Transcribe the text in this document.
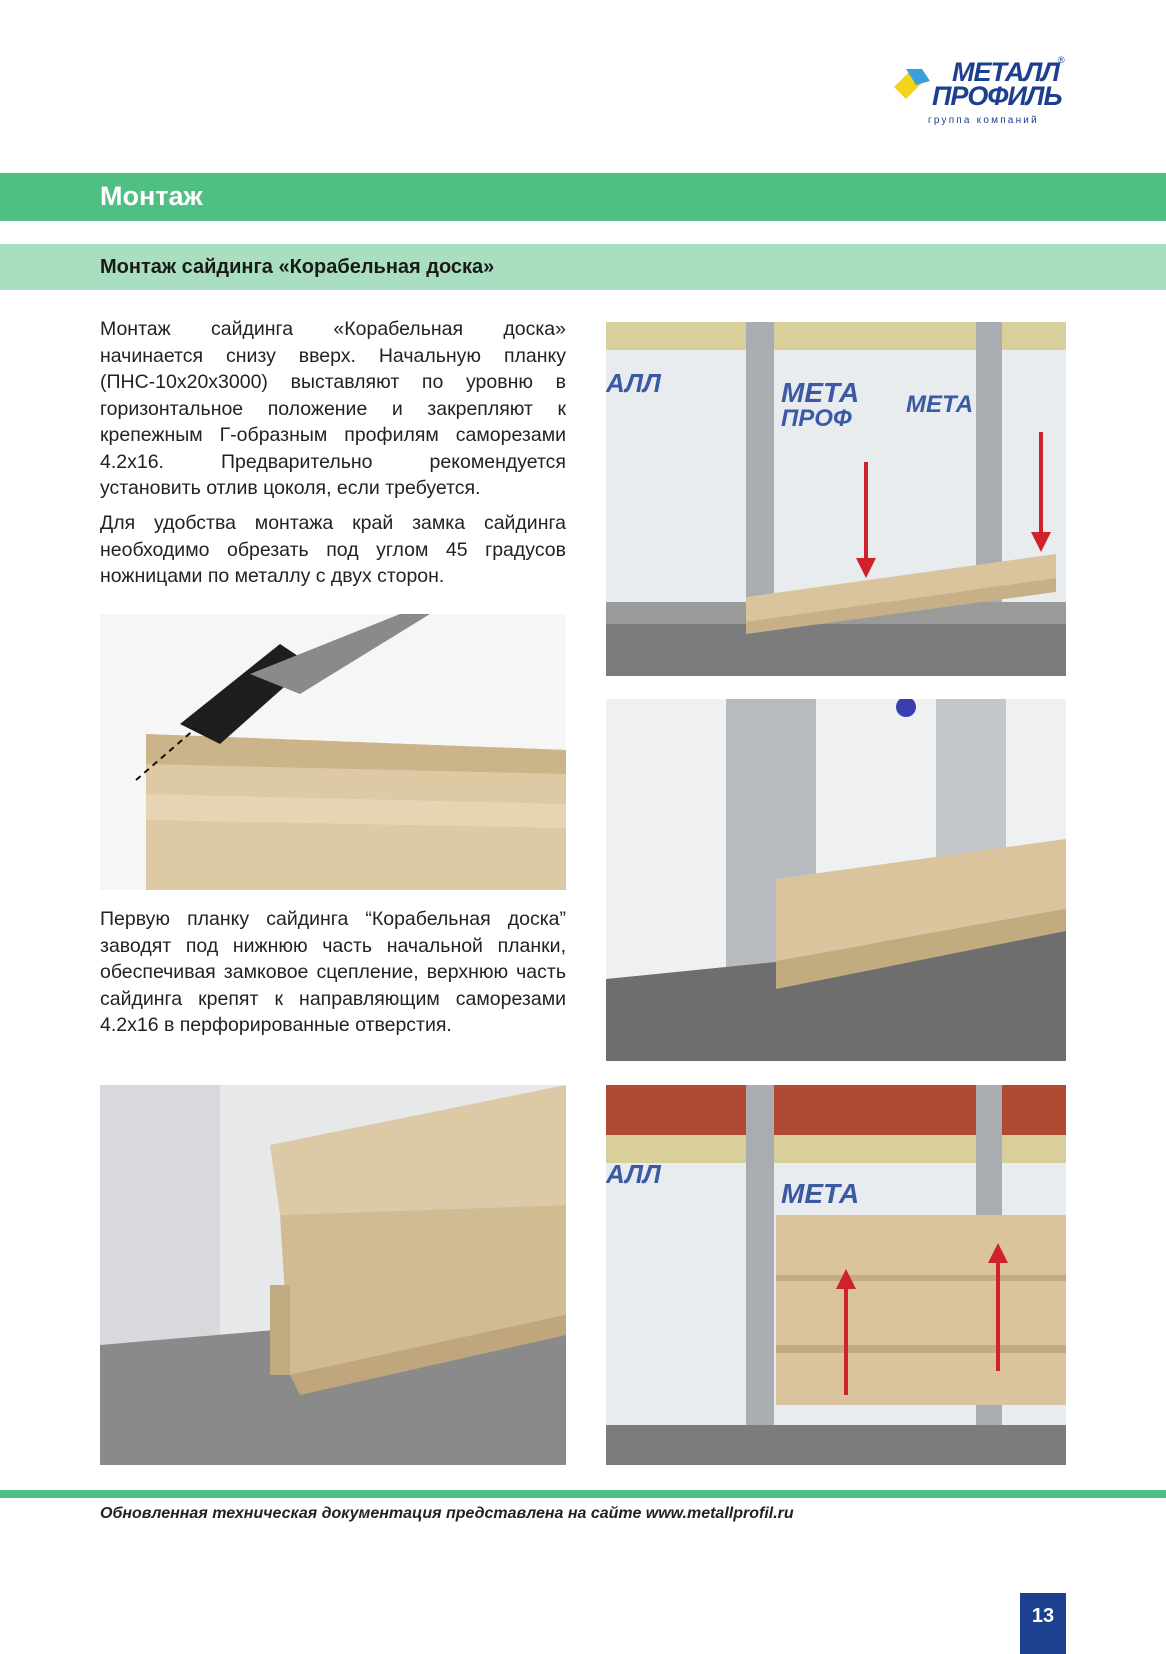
МЕТАЛЛ
ПРОФИЛЬ
®
группа компаний
Монтаж
Монтаж сайдинга «Корабельная доска»

Монтаж сайдинга «Корабельная доска» начинается снизу вверх. Начальную планку (ПНС-10х20х3000) выставляют по уровню в горизонтальное положение и закрепляют к крепежным Г-образным профилям саморезами 4.2х16. Предварительно рекомендуется установить отлив цоколя, если требуется.

Для удобства монтажа край замка сайдинга необходимо обрезать под углом 45 градусов ножницами по металлу с двух сторон.

Первую планку сайдинга “Корабельная доска” заводят под нижнюю часть начальной планки, обеспечивая замковое сцепление, верхнюю часть сайдинга крепят к направляющим саморезами 4.2х16 в перфорированные отверстия.

MЕТА
ПРОФ
MЕТА
АЛЛ
MЕТА
АЛЛ
Обновленная техническая документация представлена на сайте www.metallprofil.ru
13
